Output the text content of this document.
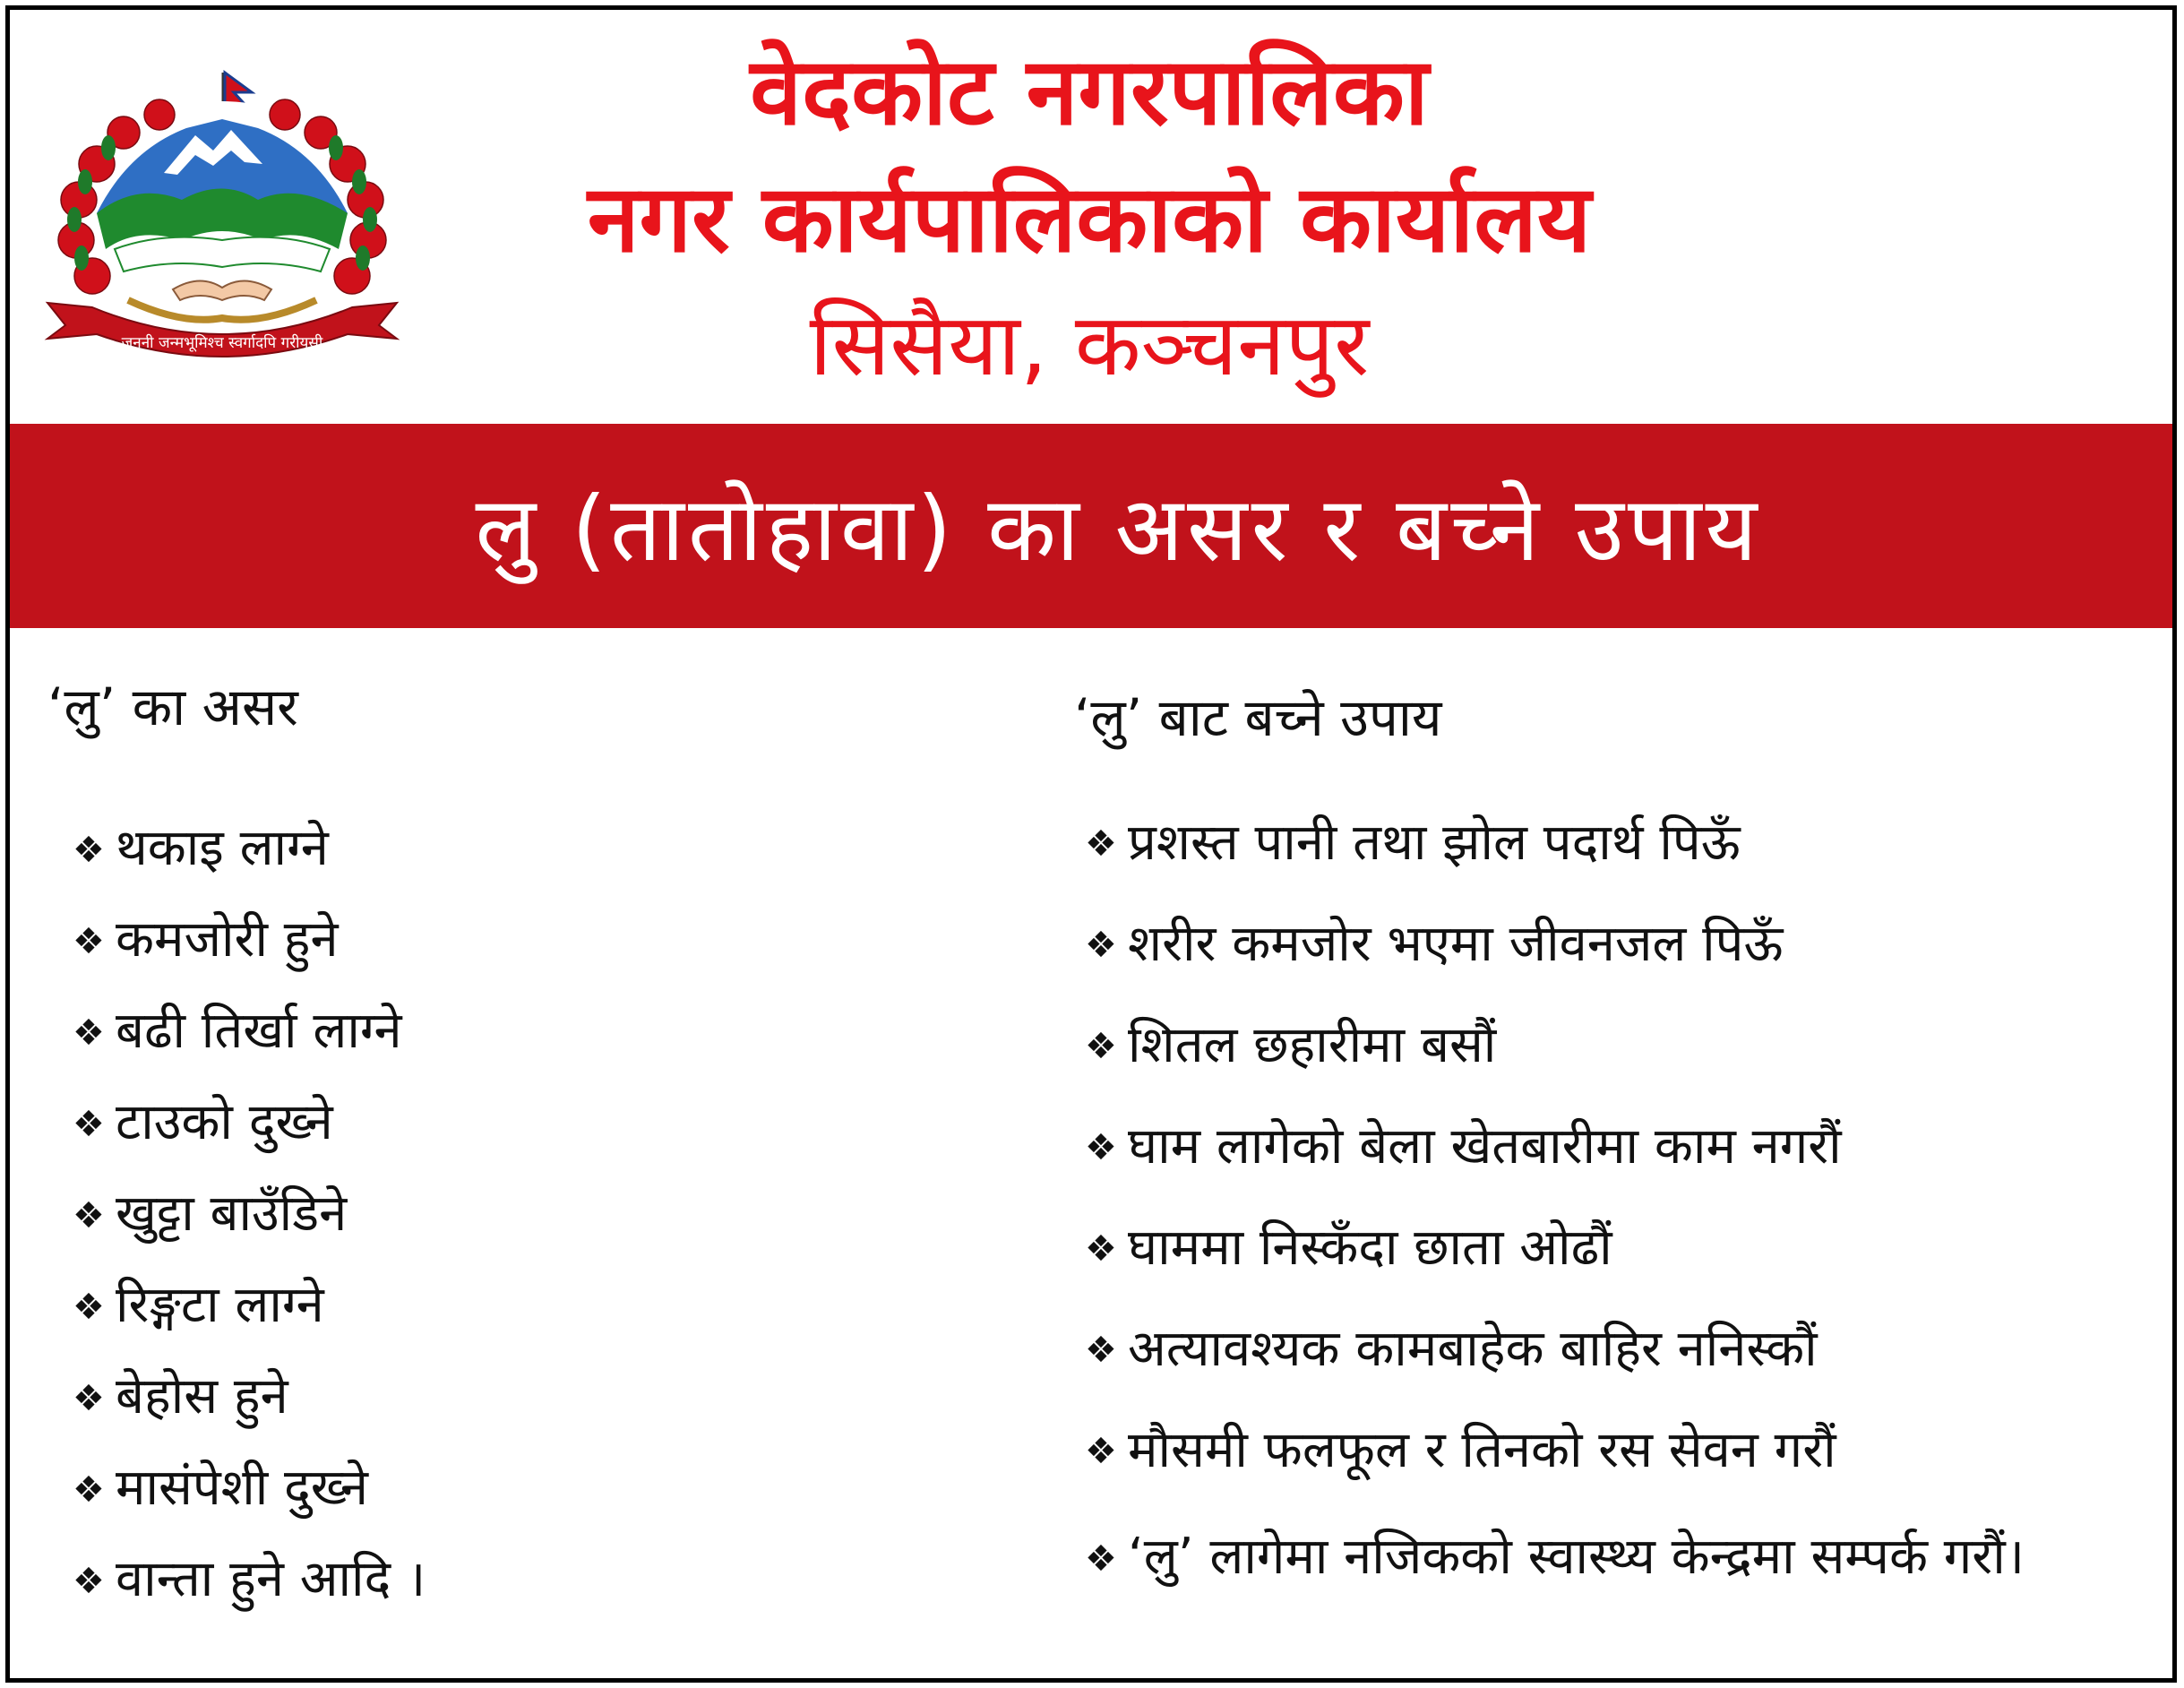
जननी जन्मभूमिश्च स्वर्गादपि गरीयसी
वेदकोट नगरपालिका
नगर कार्यपालिकाको कार्यालय
सिसैया, कञ्चनपुर
लु (तातोहावा) का असर र बच्ने उपाय
‘लु’ का असर
❖ थकाइ लाग्ने
❖ कमजोरी हुने
❖ बढी तिर्खा लाग्ने
❖ टाउको दुख्ने
❖ खुट्टा बाउँडिने
❖ रिङ्गटा लाग्ने
❖ बेहोस हुने
❖ मासंपेशी दुख्ने
❖ वान्ता हुने आदि ।
‘लु’ बाट बच्ने उपाय
❖ प्रशस्त पानी तथा झोल पदार्थ पिऊँ
❖ शरीर कमजोर भएमा जीवनजल पिऊँ
❖ शितल छहारीमा बसौं
❖ घाम लागेको बेला खेतबारीमा काम नगरौं
❖ घाममा निस्कँदा छाता ओढौं
❖ अत्यावश्यक कामबाहेक बाहिर ननिस्कौं
❖ मौसमी फलफूल र तिनको रस सेवन गरौं
❖ ‘लु’ लागेमा नजिकको स्वास्थ्य केन्द्रमा सम्पर्क गरौं।
